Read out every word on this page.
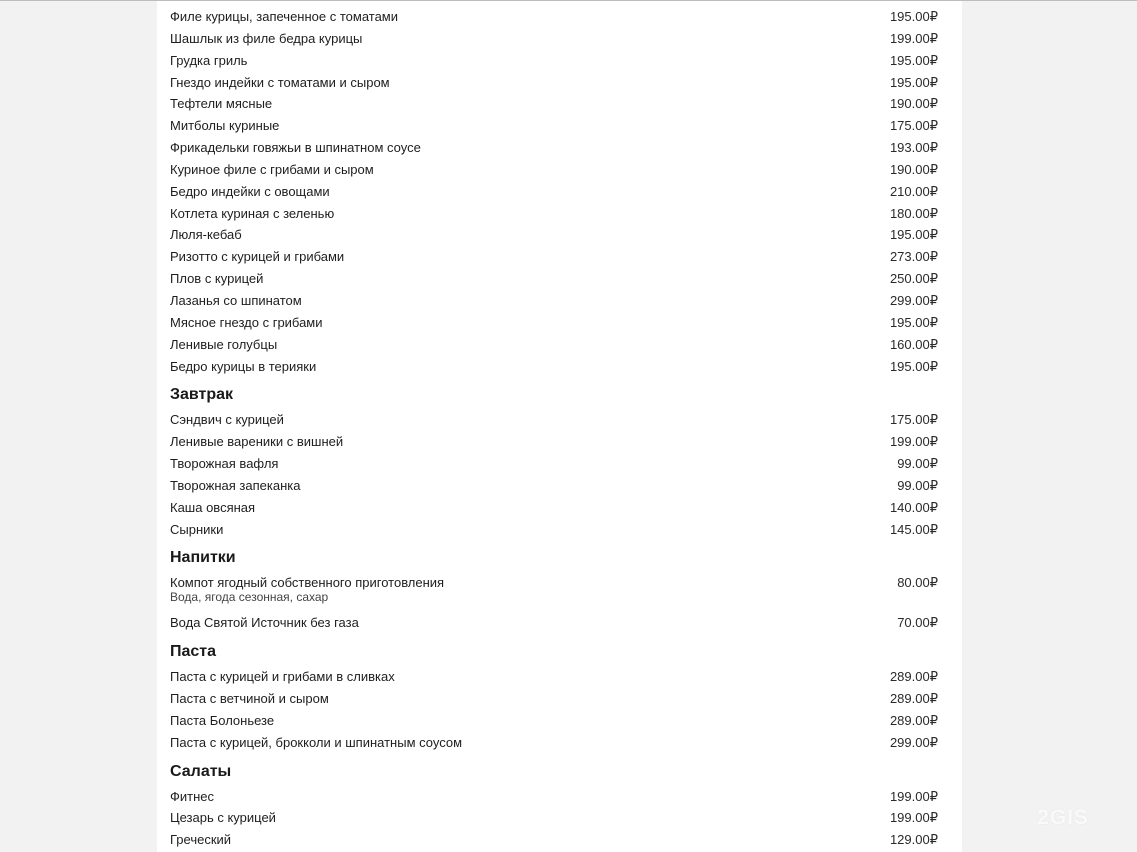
Филе курицы, запеченное с томатами	195.00₽
Шашлык из филе бедра курицы	199.00₽
Грудка гриль	195.00₽
Гнездо индейки с томатами и сыром	195.00₽
Тефтели мясные	190.00₽
Митболы куриные	175.00₽
Фрикадельки говяжьи в шпинатном соусе	193.00₽
Куриное филе с грибами и сыром	190.00₽
Бедро индейки с овощами	210.00₽
Котлета куриная с зеленью	180.00₽
Люля-кебаб	195.00₽
Ризотто с курицей и грибами	273.00₽
Плов с курицей	250.00₽
Лазанья со шпинатом	299.00₽
Мясное гнездо с грибами	195.00₽
Ленивые голубцы	160.00₽
Бедро курицы в терияки	195.00₽
Завтрак
Сэндвич с курицей	175.00₽
Ленивые вареники с вишней	199.00₽
Творожная вафля	99.00₽
Творожная запеканка	99.00₽
Каша овсяная	140.00₽
Сырники	145.00₽
Напитки
Компот ягодный собственного приготовления	80.00₽
Вода, ягода сезонная, сахар
Вода Святой Источник без газа	70.00₽
Паста
Паста с курицей и грибами в сливках	289.00₽
Паста с ветчиной и сыром	289.00₽
Паста Болоньезе	289.00₽
Паста с курицей, брокколи и шпинатным соусом	299.00₽
Салаты
Фитнес	199.00₽
Цезарь с курицей	199.00₽
Греческий	129.00₽
2GIS
